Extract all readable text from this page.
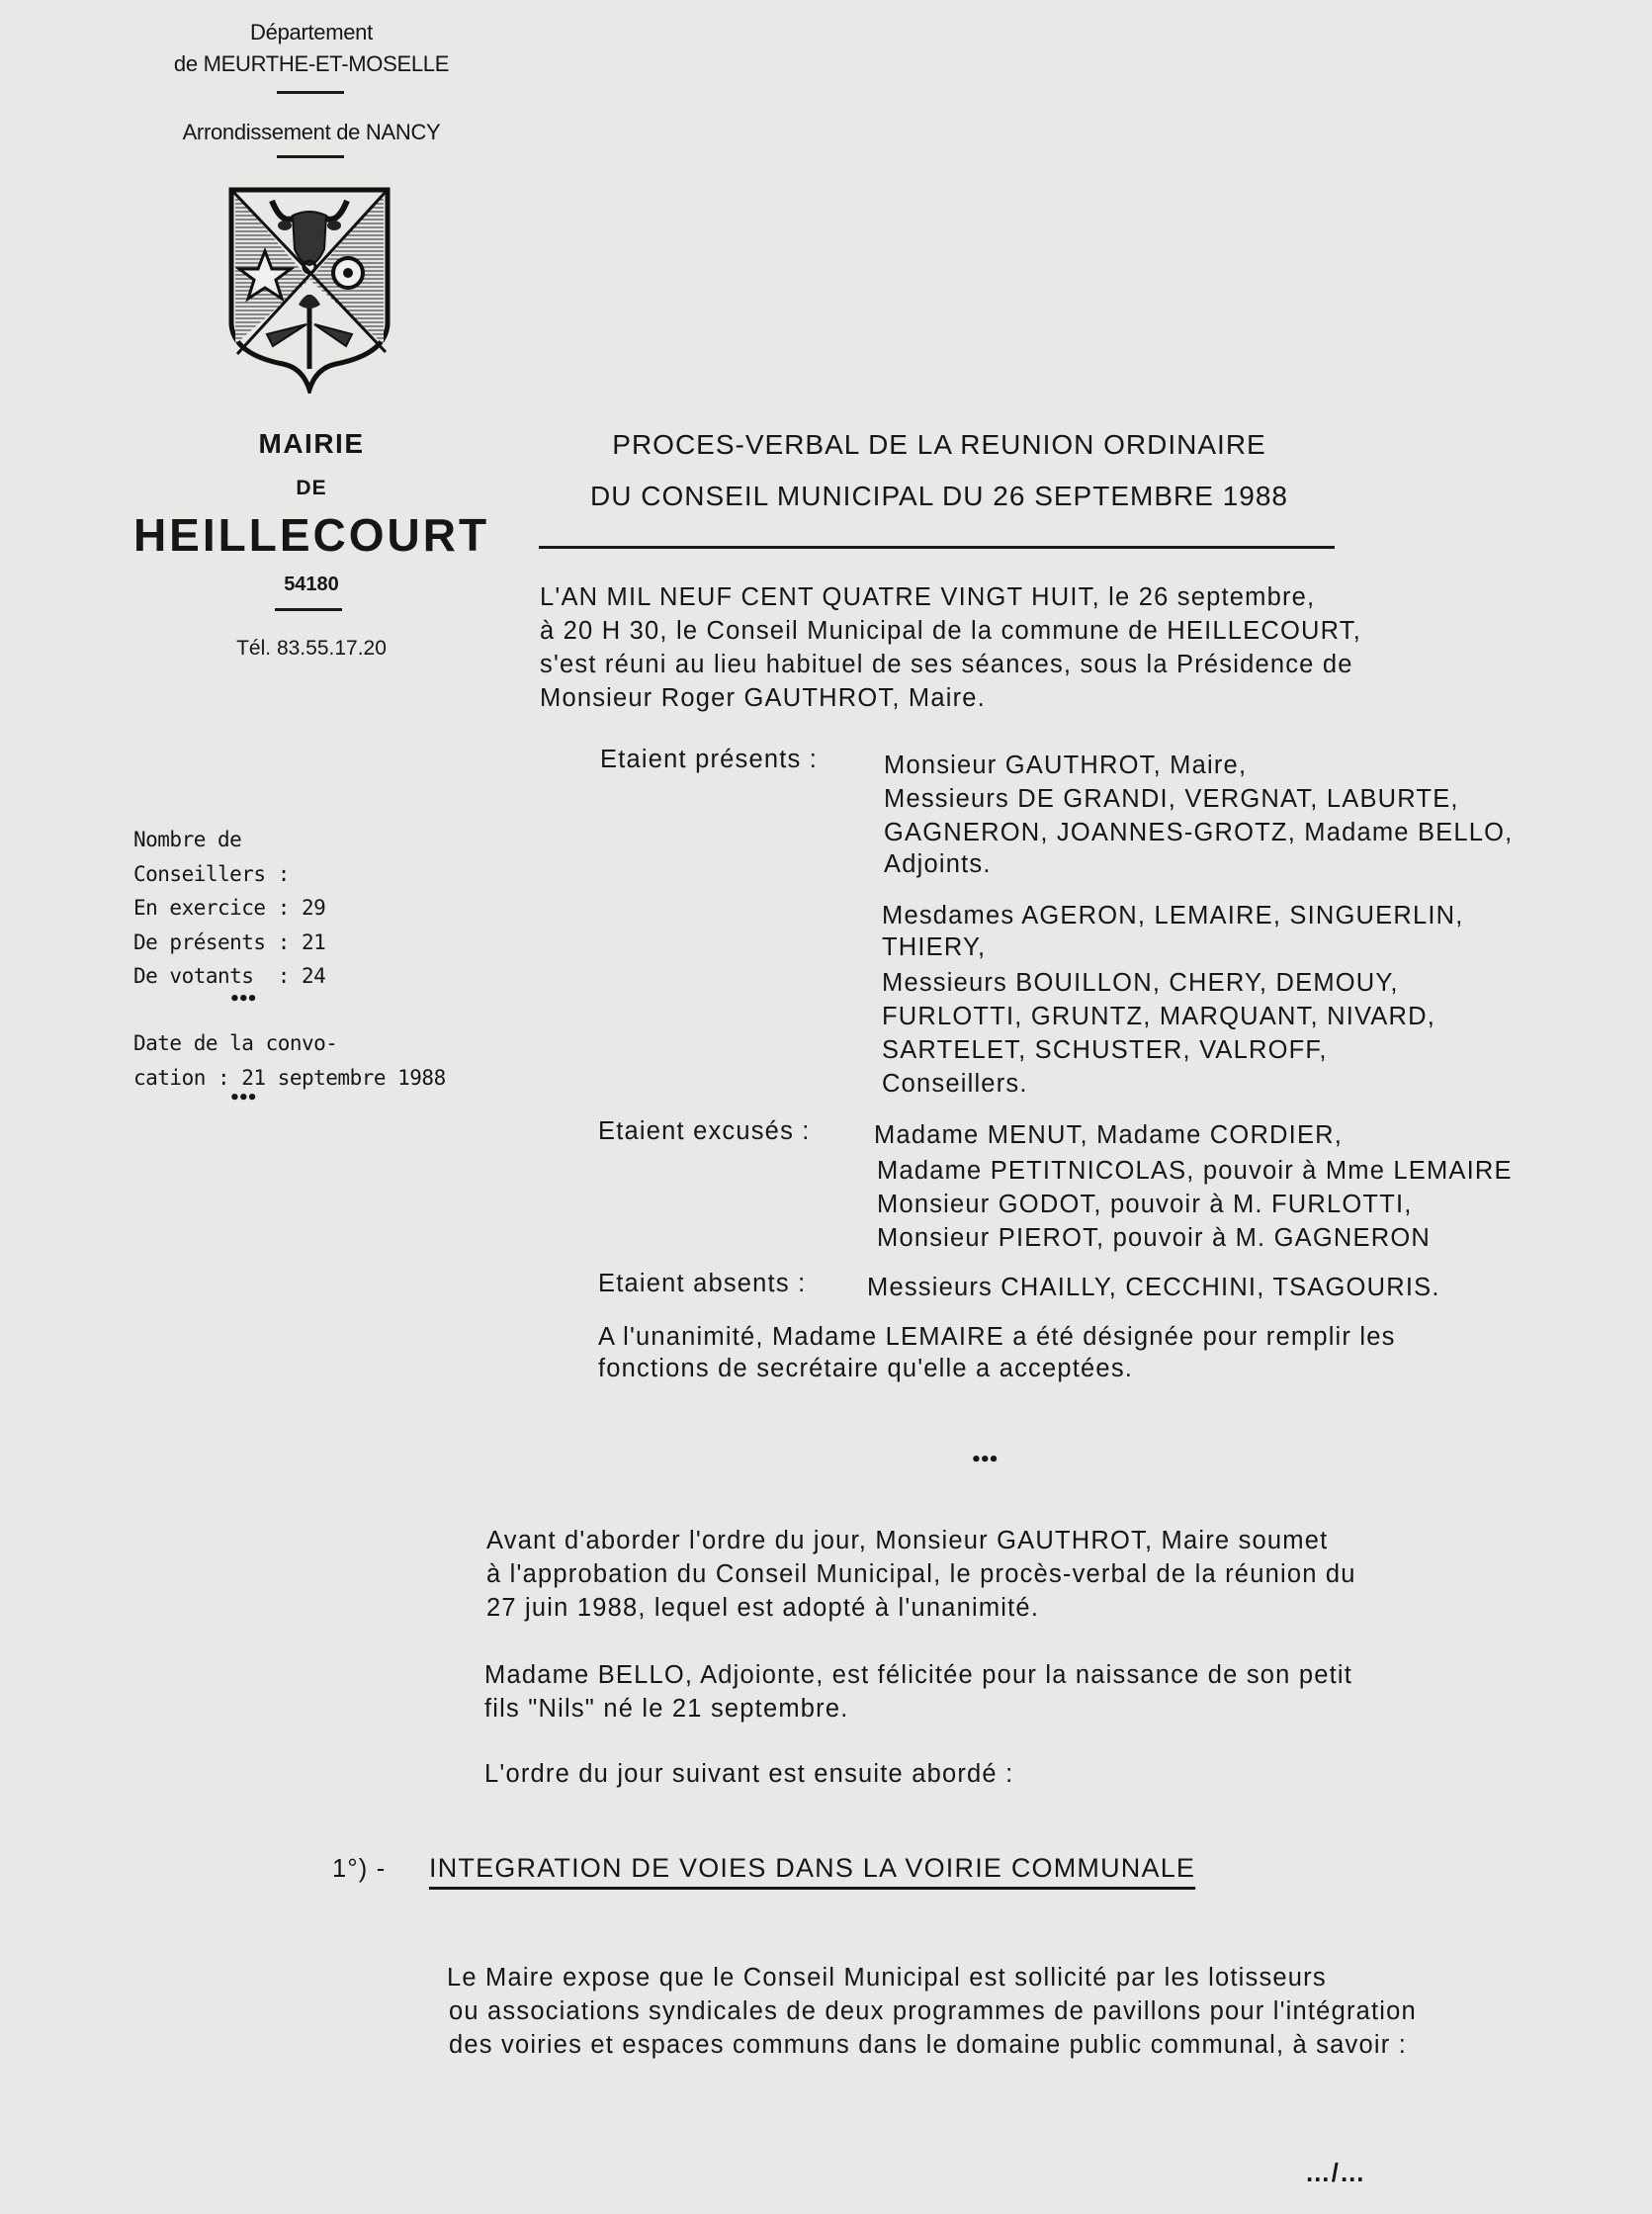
Département
de MEURTHE-ET-MOSELLE
Arrondissement de NANCY
MAIRIE
DE
HEILLECOURT
54180
Tél. 83.55.17.20
Nombre de
Conseillers :
En exercice : 29
De présents : 21
De votants  : 24
•••
Date de la convo-
cation : 21 septembre 1988
•••
PROCES-VERBAL DE LA REUNION ORDINAIRE
DU CONSEIL MUNICIPAL DU 26 SEPTEMBRE 1988
L'AN MIL NEUF CENT QUATRE VINGT HUIT, le 26 septembre,
à 20 H 30, le Conseil Municipal de la commune de HEILLECOURT,
s'est réuni au lieu habituel de ses séances, sous la Présidence de
Monsieur Roger GAUTHROT, Maire.
Etaient présents :	Monsieur GAUTHROT, Maire,
Messieurs DE GRANDI, VERGNAT, LABURTE,
GAGNERON, JOANNES-GROTZ, Madame BELLO,
Adjoints.
Mesdames AGERON, LEMAIRE, SINGUERLIN,
THIERY,
Messieurs BOUILLON, CHERY, DEMOUY,
FURLOTTI, GRUNTZ, MARQUANT, NIVARD,
SARTELET, SCHUSTER, VALROFF,
Conseillers.
Etaient excusés :	Madame MENUT, Madame CORDIER,
Madame PETITNICOLAS, pouvoir à Mme LEMAIRE
Monsieur GODOT, pouvoir à M. FURLOTTI,
Monsieur PIEROT, pouvoir à M. GAGNERON
Etaient absents : Messieurs CHAILLY, CECCHINI, TSAGOURIS.
A l'unanimité, Madame LEMAIRE a été désignée pour remplir les
fonctions de secrétaire qu'elle a acceptées.
•••
Avant d'aborder l'ordre du jour, Monsieur GAUTHROT, Maire soumet
à l'approbation du Conseil Municipal, le procès-verbal de la réunion du
27 juin 1988, lequel est adopté à l'unanimité.
Madame BELLO, Adjoionte, est félicitée pour la naissance de son petit
fils "Nils" né le 21 septembre.
L'ordre du jour suivant est ensuite abordé :
1°) - INTEGRATION DE VOIES DANS LA VOIRIE COMMUNALE
Le Maire expose que le Conseil Municipal est sollicité par les lotisseurs
ou associations syndicales de deux programmes de pavillons pour l'intégration
des voiries et espaces communs dans le domaine public communal, à savoir :
…/…
